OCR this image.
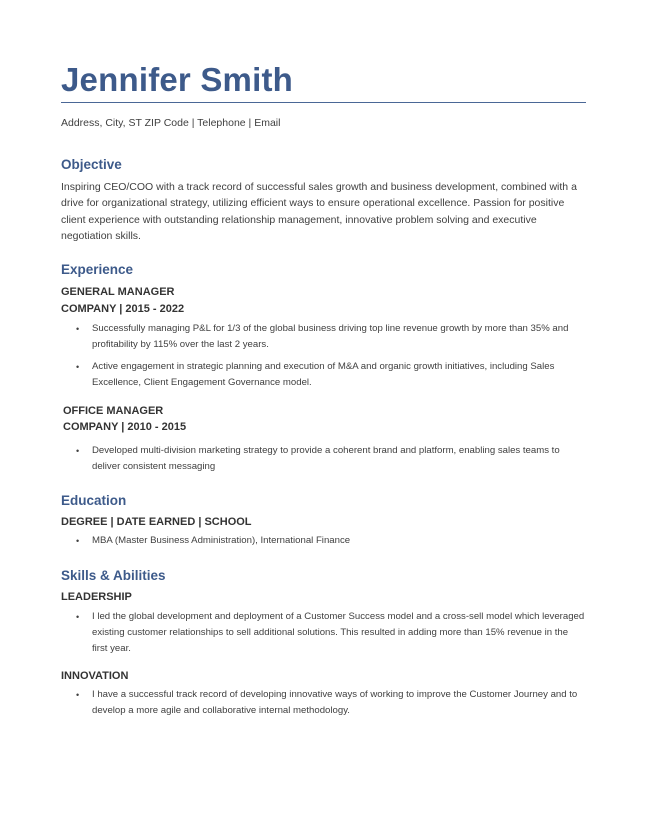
Jennifer Smith
Address, City, ST ZIP Code | Telephone | Email
Objective

Inspiring CEO/COO with a track record of successful sales growth and business development, combined with a drive for organizational strategy, utilizing efficient ways to ensure operational excellence. Passion for positive client experience with outstanding relationship management, innovative problem solving and executive negotiation skills.

Experience
GENERAL MANAGER
COMPANY | 2015 - 2022
• Successfully managing P&L for 1/3 of the global business driving top line revenue growth by more than 35% and profitability by 115% over the last 2 years.
• Active engagement in strategic planning and execution of M&A and organic growth initiatives, including Sales Excellence, Client Engagement Governance model.
OFFICE MANAGER
COMPANY | 2010 - 2015
• Developed multi-division marketing strategy to provide a coherent brand and platform, enabling sales teams to deliver consistent messaging
Education
DEGREE | DATE EARNED | SCHOOL
• MBA (Master Business Administration), International Finance
Skills & Abilities
LEADERSHIP
• I led the global development and deployment of a Customer Success model and a cross-sell model which leveraged existing customer relationships to sell additional solutions. This resulted in adding more than 15% revenue in the first year.
INNOVATION
• I have a successful track record of developing innovative ways of working to improve the Customer Journey and to develop a more agile and collaborative internal methodology.
